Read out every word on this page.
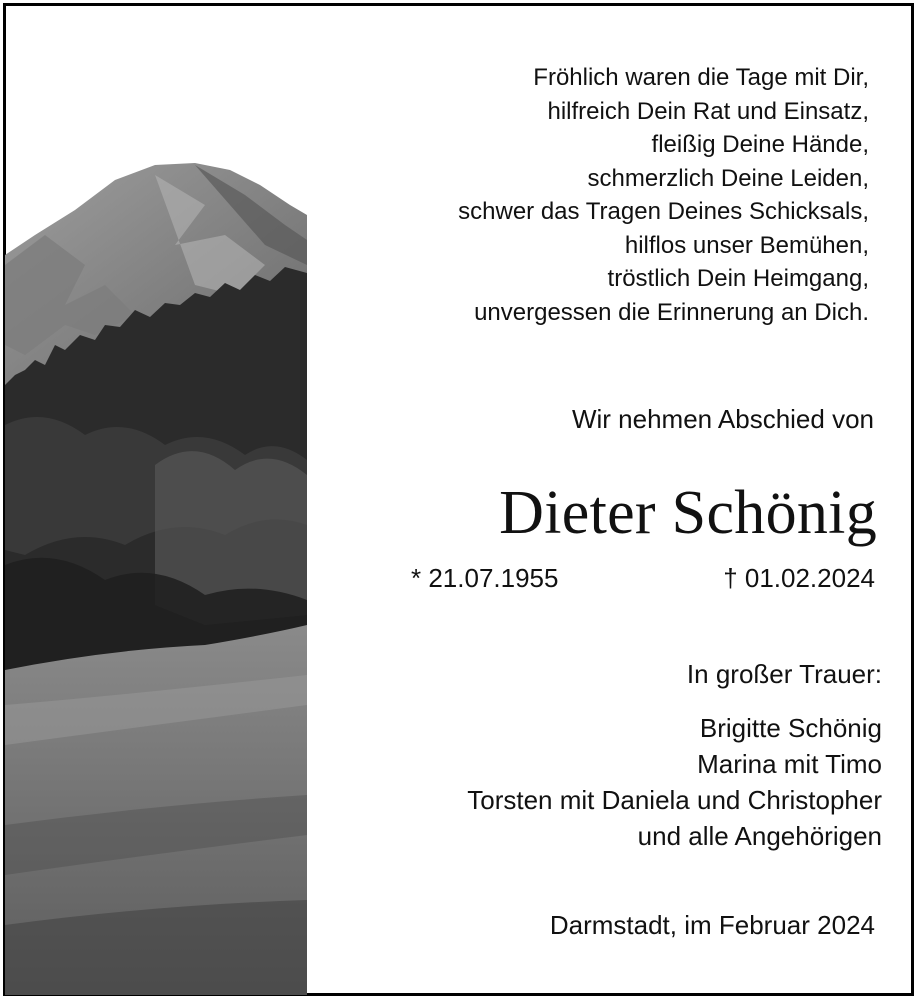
Fröhlich waren die Tage mit Dir,
hilfreich Dein Rat und Einsatz,
fleißig Deine Hände,
schmerzlich Deine Leiden,
schwer das Tragen Deines Schicksals,
hilflos unser Bemühen,
tröstlich Dein Heimgang,
unvergessen die Erinnerung an Dich.
Wir nehmen Abschied von
Dieter Schönig
* 21.07.1955	† 01.02.2024
In großer Trauer:
Brigitte Schönig
Marina mit Timo
Torsten mit Daniela und Christopher
und alle Angehörigen
Darmstadt, im Februar 2024
